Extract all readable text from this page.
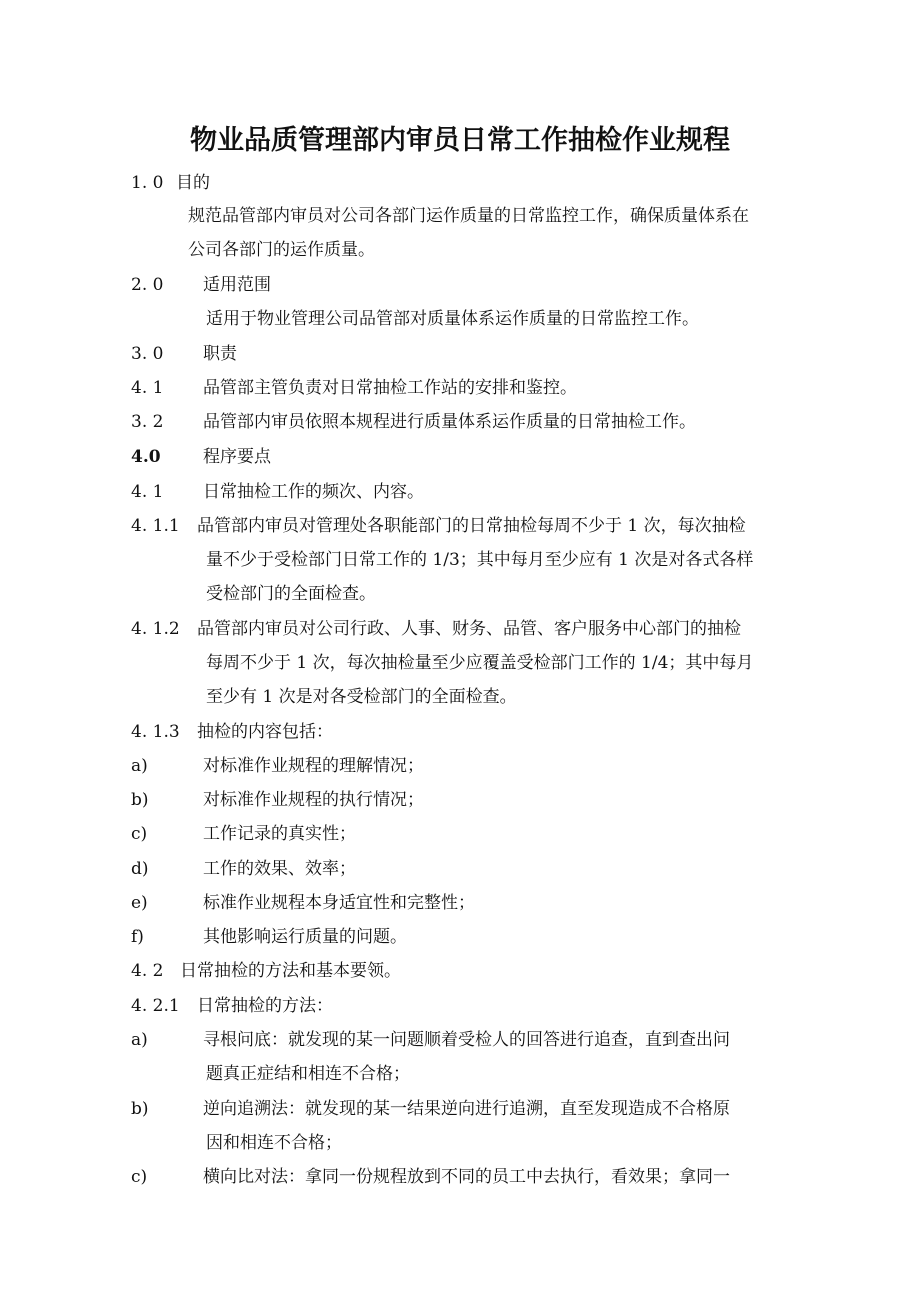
物业品质管理部内审员日常工作抽检作业规程
1. 0 目的
规范品管部内审员对公司各部门运作质量的日常监控工作，确保质量体系在
公司各部门的运作质量。
2. 0 适用范围
适用于物业管理公司品管部对质量体系运作质量的日常监控工作。
3. 0 职责
4. 1 品管部主管负责对日常抽检工作站的安排和鉴控。
3. 2 品管部内审员依照本规程进行质量体系运作质量的日常抽检工作。
4.0 程序要点
4. 1 日常抽检工作的频次、内容。
4. 1.1 品管部内审员对管理处各职能部门的日常抽检每周不少于 1 次，每次抽检
量不少于受检部门日常工作的 1/3；其中每月至少应有 1 次是对各式各样
受检部门的全面检查。
4. 1.2 品管部内审员对公司行政、人事、财务、品管、客户服务中心部门的抽检
每周不少于 1 次，每次抽检量至少应覆盖受检部门工作的 1/4；其中每月
至少有 1 次是对各受检部门的全面检查。
4. 1.3 抽检的内容包括：
a)	对标准作业规程的理解情况；
b)	对标准作业规程的执行情况；
c)	工作记录的真实性；
d)	工作的效果、效率；
e)	标准作业规程本身适宜性和完整性；
f)	其他影响运行质量的问题。
4. 2 日常抽检的方法和基本要领。
4. 2.1 日常抽检的方法：
a)	寻根问底：就发现的某一问题顺着受检人的回答进行追查，直到查出问
题真正症结和相连不合格；
b)	逆向追溯法：就发现的某一结果逆向进行追溯，直至发现造成不合格原
因和相连不合格；
c)	横向比对法：拿同一份规程放到不同的员工中去执行，看效果；拿同一
